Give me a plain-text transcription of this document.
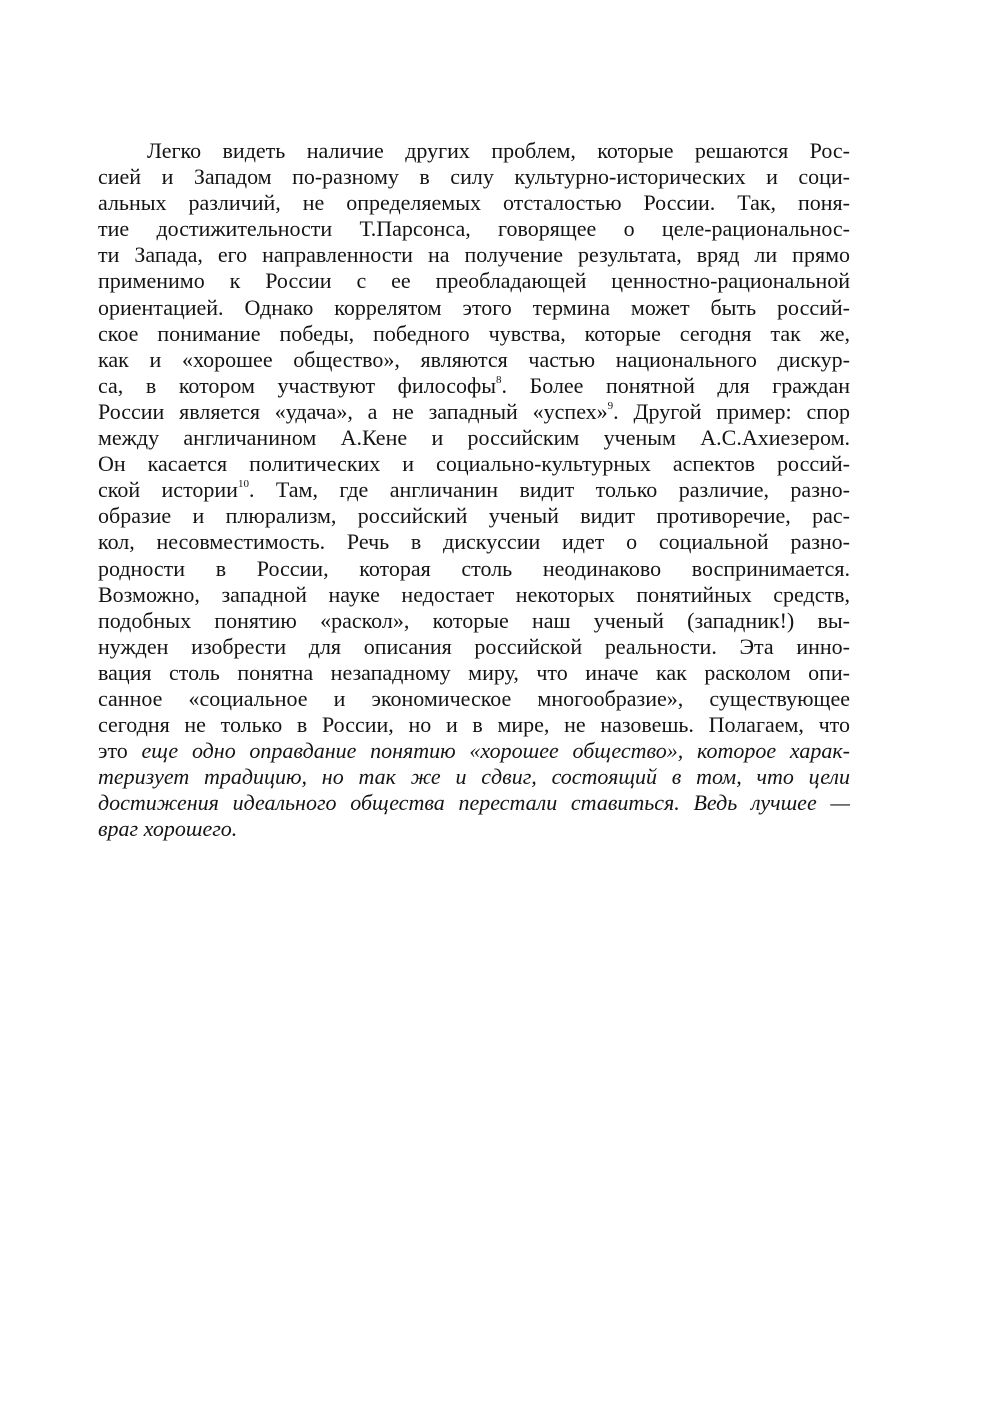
Легко видеть наличие других проблем, которые решаются Рос-
сией и Западом по-разному в силу культурно-исторических и соци-
альных различий, не определяемых отсталостью России. Так, поня-
тие достижительности Т.Парсонса, говорящее о целе-рациональнос-
ти Запада, его направленности на получение результата, вряд ли прямо
применимо к России с ее преобладающей ценностно-рациональной
ориентацией. Однако коррелятом этого термина может быть россий-
ское понимание победы, победного чувства, которые сегодня так же,
как и «хорошее общество», являются частью национального дискур-
са, в котором участвуют философы$^8$. Более понятной для граждан
России является «удача», а не западный «успех»$^9$. Другой пример: спор
между англичанином А.Кене и российским ученым А.С.Ахиезером.
Он касается политических и социально-культурных аспектов россий-
ской истории$^{10}$. Там, где англичанин видит только различие, разно-
образие и плюрализм, российский ученый видит противоречие, рас-
кол, несовместимость. Речь в дискуссии идет о социальной разно-
родности в России, которая столь неодинаково воспринимается.
Возможно, западной науке недостает некоторых понятийных средств,
подобных понятию «раскол», которые наш ученый (западник!) вы-
нужден изобрести для описания российской реальности. Эта инно-
вация столь понятна незападному миру, что иначе как расколом опи-
санное «социальное и экономическое многообразие», существующее
сегодня не только в России, но и в мире, не назовешь. Полагаем, что
это еще одно оправдание понятию «хорошее общество», которое харак-
теризует традицию, но так же и сдвиг, состоящий в том, что цели
достижения идеального общества перестали ставиться. Ведь лучшее —
враг хорошего.
